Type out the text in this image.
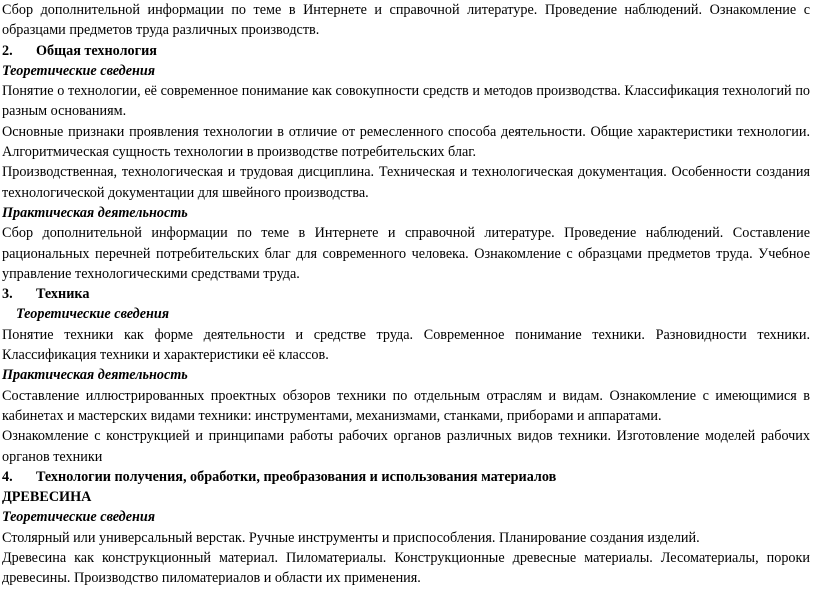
Сбор дополнительной информации по теме в Интернете и справочной литературе. Проведение наблюдений. Ознакомление с образцами предметов труда различных производств.

2.	Общая технология

Теоретические сведения

Понятие о технологии, её современное понимание как совокупности средств и методов производства. Классификация технологий по разным основаниям.

Основные признаки проявления технологии в отличие от ремесленного способа деятельности. Общие характеристики технологии. Алгоритмическая сущность технологии в производстве потребительских благ.

Производственная, технологическая и трудовая дисциплина. Техническая и технологическая документация. Особенности создания технологической документации для швейного производства.

Практическая деятельность

Сбор дополнительной информации по теме в Интернете и справочной литературе. Проведение наблюдений. Составление рациональных перечней потребительских благ для современного человека. Ознакомление с образцами предметов труда. Учебное управление технологическими средствами труда.

3.	Техника

Теоретические сведения

Понятие техники как форме деятельности и средстве труда. Современное понимание техники. Разновидности техники. Классификация техники и характеристики её классов.

Практическая деятельность

Составление иллюстрированных проектных обзоров техники по отдельным отраслям и видам. Ознакомление с имеющимися в кабинетах и мастерских видами техники: инструментами, механизмами, станками, приборами и аппаратами.

Ознакомление с конструкцией и принципами работы рабочих органов различных видов техники. Изготовление моделей рабочих органов техники

4.	Технологии получения, обработки, преобразования и использования материалов

ДРЕВЕСИНА

Теоретические сведения

Столярный или универсальный верстак. Ручные инструменты и приспособления. Планирование создания изделий.

Древесина как конструкционный материал. Пиломатериалы. Конструкционные древесные материалы. Лесоматериалы, пороки древесины. Производство пиломатериалов и области их применения.
